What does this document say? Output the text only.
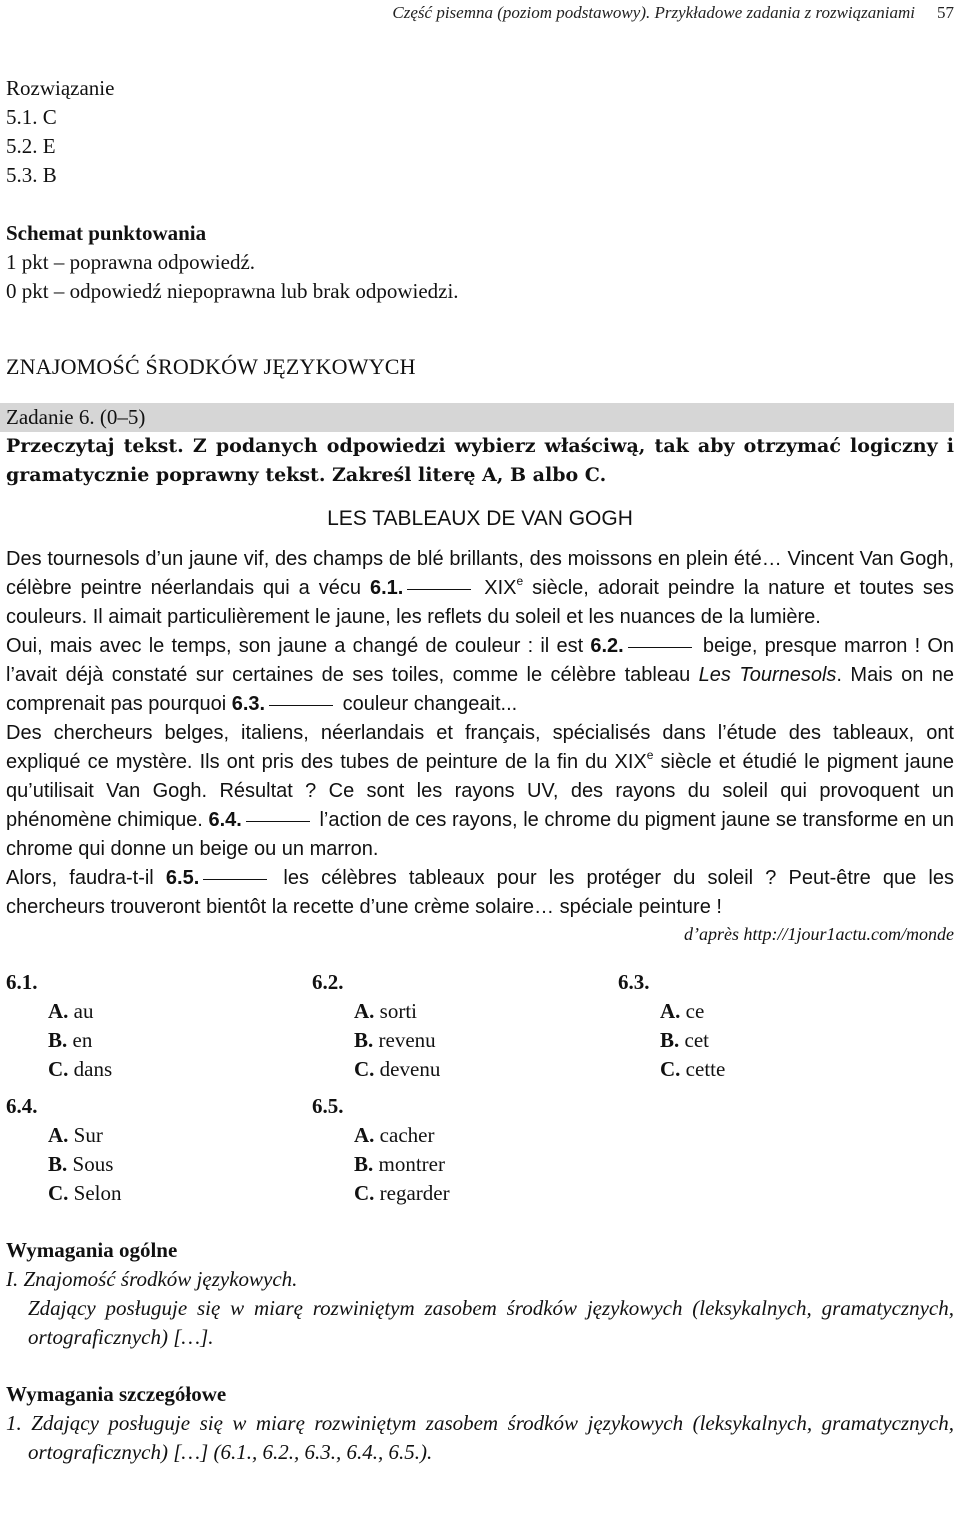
Część pisemna (poziom podstawowy). Przykładowe zadania z rozwiązaniami 57
Rozwiązanie
5.1. C
5.2. E
5.3. B
Schemat punktowania
1 pkt – poprawna odpowiedź.
0 pkt – odpowiedź niepoprawna lub brak odpowiedzi.
ZNAJOMOŚĆ ŚRODKÓW JĘZYKOWYCH
Zadanie 6. (0–5)
Przeczytaj tekst. Z podanych odpowiedzi wybierz właściwą, tak aby otrzymać logiczny i gramatycznie poprawny tekst. Zakreśl literę A, B albo C.
LES TABLEAUX DE VAN GOGH
Des tournesols d’un jaune vif, des champs de blé brillants, des moissons en plein été… Vincent Van Gogh, célèbre peintre néerlandais qui a vécu 6.1.	XIXe siècle, adorait peindre la nature et toutes ses couleurs. Il aimait particulièrement le jaune, les reflets du soleil et les nuances de la lumière.
Oui, mais avec le temps, son jaune a changé de couleur : il est 6.2.	beige, presque marron ! On l’avait déjà constaté sur certaines de ses toiles, comme le célèbre tableau Les Tournesols. Mais on ne comprenait pas pourquoi 6.3.	couleur changeait...
Des chercheurs belges, italiens, néerlandais et français, spécialisés dans l’étude des tableaux, ont expliqué ce mystère. Ils ont pris des tubes de peinture de la fin du XIXe siècle et étudié le pigment jaune qu’utilisait Van Gogh. Résultat ? Ce sont les rayons UV, des rayons du soleil qui provoquent un phénomène chimique. 6.4.	l’action de ces rayons, le chrome du pigment jaune se transforme en un chrome qui donne un beige ou un marron.
Alors, faudra-t-il 6.5.	les célèbres tableaux pour les protéger du soleil ? Peut-être que les chercheurs trouveront bientôt la recette d’une crème solaire… spéciale peinture !
d’après http://1jour1actu.com/monde
6.1.
A. au
B. en
C. dans
6.2.
A. sorti
B. revenu
C. devenu
6.3.
A. ce
B. cet
C. cette
6.4.
A. Sur
B. Sous
C. Selon
6.5.
A. cacher
B. montrer
C. regarder
Wymagania ogólne
I. Znajomość środków językowych.
Zdający posługuje się w miarę rozwiniętym zasobem środków językowych (leksykalnych, gramatycznych, ortograficznych) […].
Wymagania szczegółowe
1. Zdający posługuje się w miarę rozwiniętym zasobem środków językowych (leksykalnych, gramatycznych, ortograficznych) […] (6.1., 6.2., 6.3., 6.4., 6.5.).
